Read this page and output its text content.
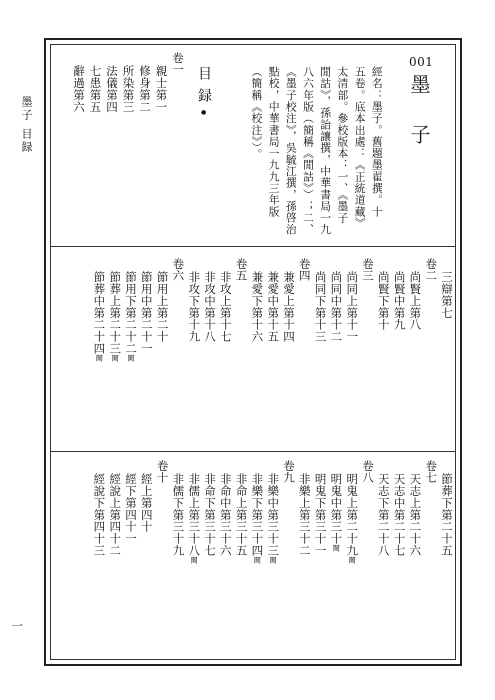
墨子
目録
一
001
墨子
經名：墨子。舊題墨翟撰。十
五卷。底本出處：《正統道藏》
太清部。參校版本：一、《墨子
閒詁》，孫詒讓撰，中華書局一九
八六年版（簡稱《閒詁》）；二、
《墨子校注》，吳毓江撰，孫啓治
點校，中華書局一九九三年版
（簡稱《校注》）。
目録
●
卷一
親士第一
修身第二
所染第三
法儀第四
七患第五
辭過第六
三辯第七
卷二
尚賢上第八
尚賢中第九
尚賢下第十
卷三
尚同上第十一
尚同中第十二
尚同下第十三
卷四
兼愛上第十四
兼愛中第十五
兼愛下第十六
卷五
非攻上第十七
非攻中第十八
非攻下第十九
卷六
節用上第二十
節用中第二十一
節用下第二十二闕
節葬上第二十三闕
節葬中第二十四闕
節葬下第二十五
卷七
天志上第二十六
天志中第二十七
天志下第二十八
卷八
明鬼上第二十九闕
明鬼中第三十闕
明鬼下第三十一
非樂上第三十二
卷九
非樂中第三十三闕
非樂下第三十四闕
非命上第三十五
非命中第三十六
非命下第三十七
非儒上第三十八闕
非儒下第三十九
卷十
經上第四十
經下第四十一
經說上第四十二
經說下第四十三
